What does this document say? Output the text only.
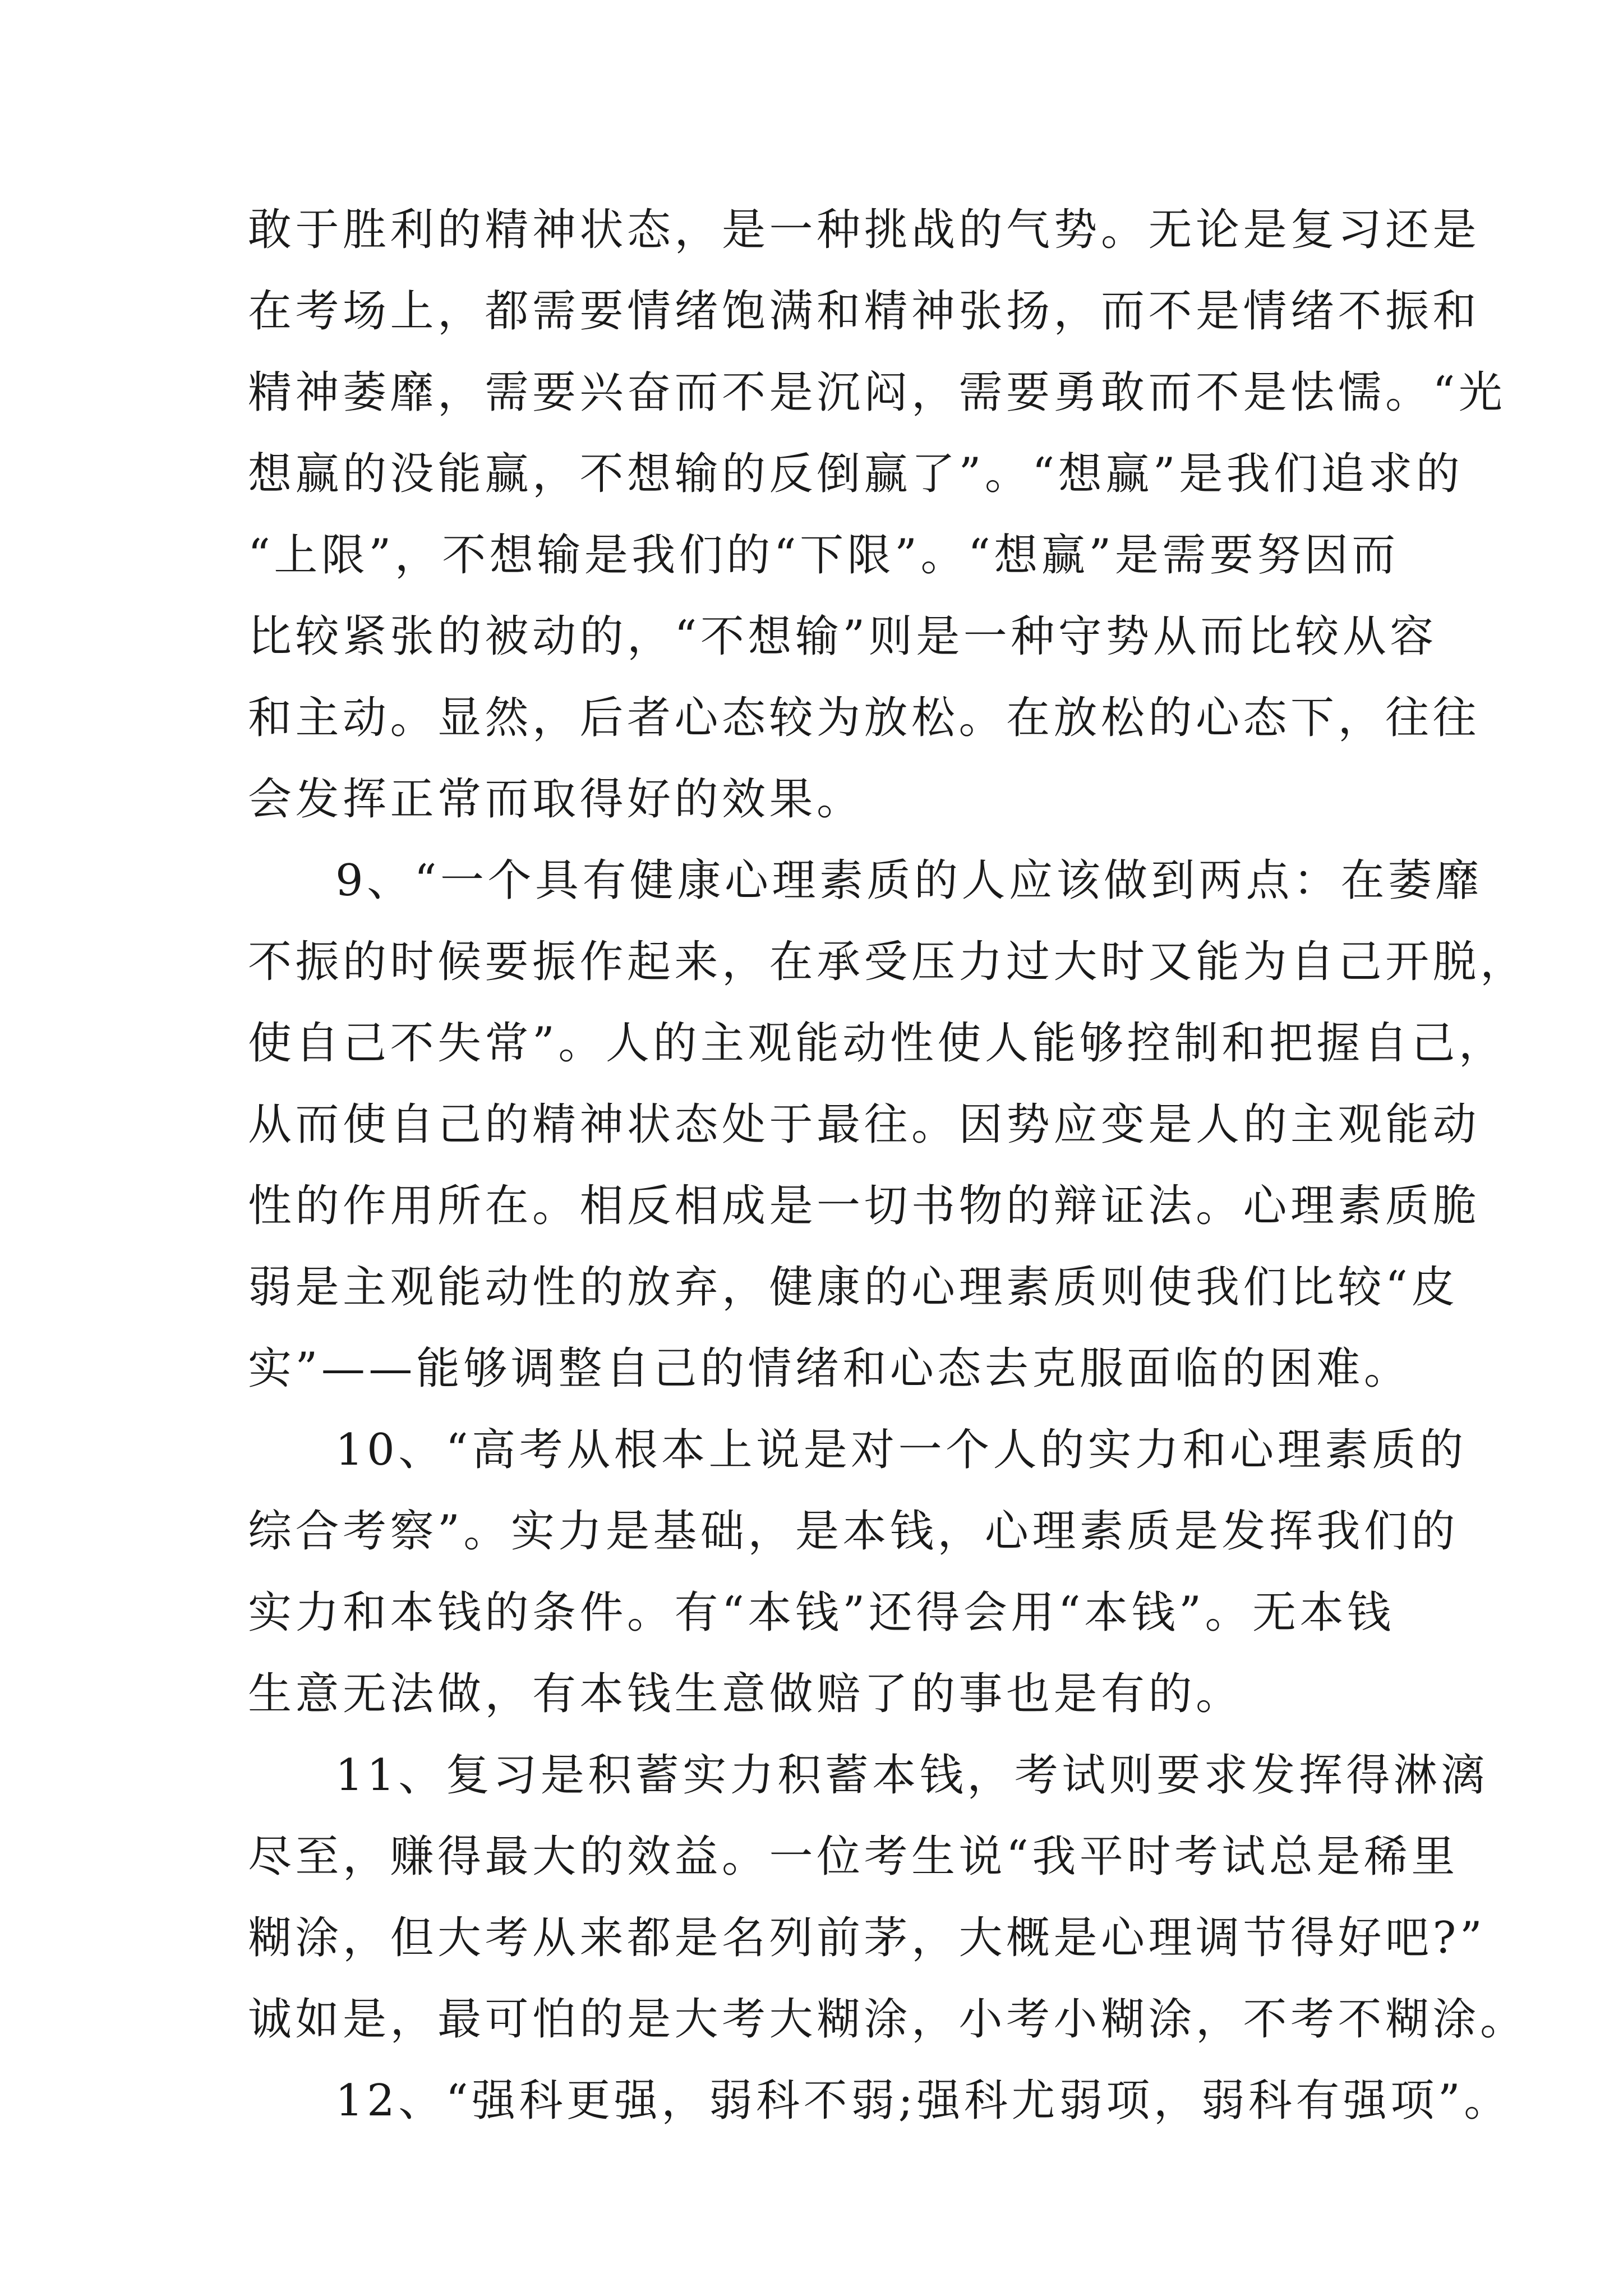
敢于胜利的精神状态，是一种挑战的气势。无论是复习还是
在考场上，都需要情绪饱满和精神张扬，而不是情绪不振和
精神萎靡，需要兴奋而不是沉闷，需要勇敢而不是怯懦。“光
想赢的没能赢，不想输的反倒赢了”。“想赢”是我们追求的
“上限”，不想输是我们的“下限”。“想赢”是需要努因而
比较紧张的被动的，“不想输”则是一种守势从而比较从容
和主动。显然，后者心态较为放松。在放松的心态下，往往
会发挥正常而取得好的效果。
9、“一个具有健康心理素质的人应该做到两点：在萎靡
不振的时候要振作起来，在承受压力过大时又能为自己开脱，
使自己不失常”。人的主观能动性使人能够控制和把握自己，
从而使自己的精神状态处于最往。因势应变是人的主观能动
性的作用所在。相反相成是一切书物的辩证法。心理素质脆
弱是主观能动性的放弃，健康的心理素质则使我们比较“皮
实”——能够调整自己的情绪和心态去克服面临的困难。
10、“高考从根本上说是对一个人的实力和心理素质的
综合考察”。实力是基础，是本钱，心理素质是发挥我们的
实力和本钱的条件。有“本钱”还得会用“本钱”。无本钱
生意无法做，有本钱生意做赔了的事也是有的。
11、复习是积蓄实力积蓄本钱，考试则要求发挥得淋漓
尽至，赚得最大的效益。一位考生说“我平时考试总是稀里
糊涂，但大考从来都是名列前茅，大概是心理调节得好吧?”
诚如是，最可怕的是大考大糊涂，小考小糊涂，不考不糊涂。
12、“强科更强，弱科不弱;强科尤弱项，弱科有强项”。
